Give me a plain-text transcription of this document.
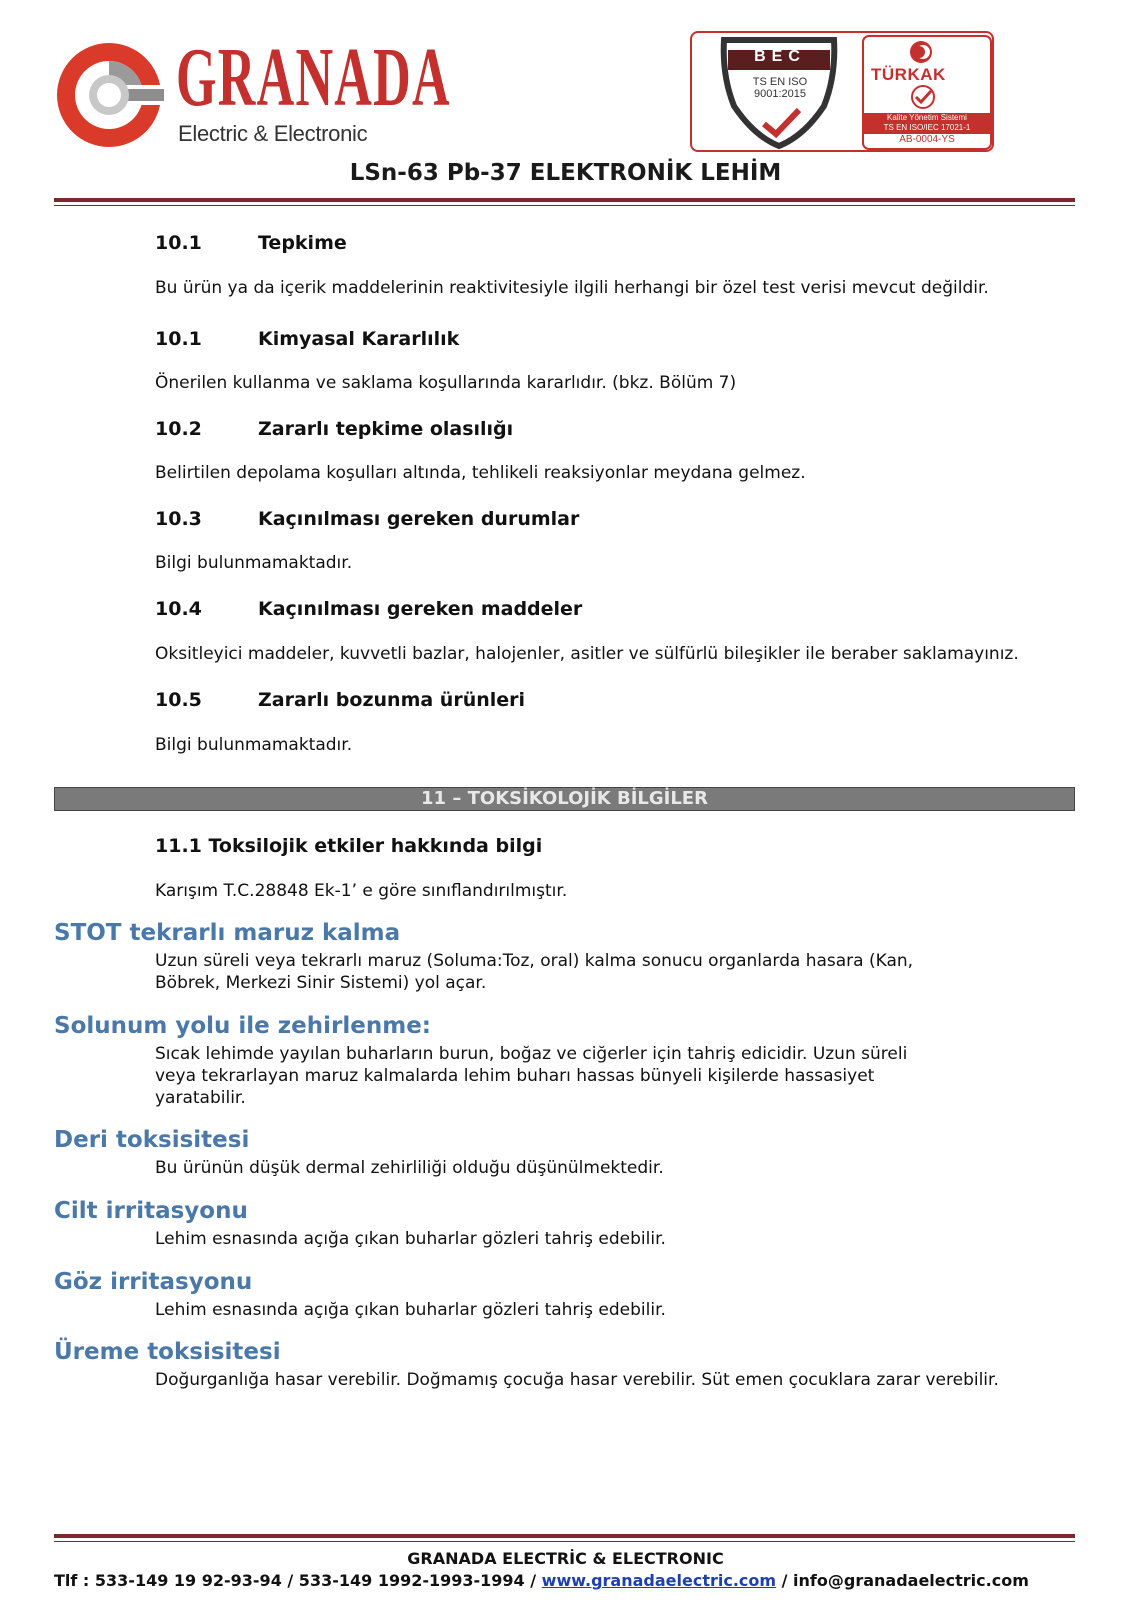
GRANADA
Electric & Electronic
BEC
TS EN ISO
9001:2015
TÜRKAK
Kalite Yönetim Sistemi
TS EN ISO/IEC 17021-1
AB-0004-YS
LSn-63 Pb-37 ELEKTRONİK LEHİM
10.1	Tepkime
Bu ürün ya da içerik maddelerinin reaktivitesiyle ilgili herhangi bir özel test verisi mevcut değildir.
10.1	Kimyasal Kararlılık
Önerilen kullanma ve saklama koşullarında kararlıdır. (bkz. Bölüm 7)
10.2	Zararlı tepkime olasılığı
Belirtilen depolama koşulları altında, tehlikeli reaksiyonlar meydana gelmez.
10.3	Kaçınılması gereken durumlar
Bilgi bulunmamaktadır.
10.4	Kaçınılması gereken maddeler
Oksitleyici maddeler, kuvvetli bazlar, halojenler, asitler ve sülfürlü bileşikler ile beraber saklamayınız.
10.5	Zararlı bozunma ürünleri
Bilgi bulunmamaktadır.
11 – TOKSİKOLOJİK BİLGİLER
11.1 Toksilojik etkiler hakkında bilgi
Karışım T.C.28848 Ek-1’ e göre sınıflandırılmıştır.
STOT tekrarlı maruz kalma
Uzun süreli veya tekrarlı maruz (Soluma:Toz, oral) kalma sonucu organlarda hasara (Kan,
Böbrek, Merkezi Sinir Sistemi) yol açar.
Solunum yolu ile zehirlenme:
Sıcak lehimde yayılan buharların burun, boğaz ve ciğerler için tahriş edicidir. Uzun süreli
veya tekrarlayan maruz kalmalarda lehim buharı hassas bünyeli kişilerde hassasiyet
yaratabilir.
Deri toksisitesi
Bu ürünün düşük dermal zehirliliği olduğu düşünülmektedir.
Cilt irritasyonu
Lehim esnasında açığa çıkan buharlar gözleri tahriş edebilir.
Göz irritasyonu
Lehim esnasında açığa çıkan buharlar gözleri tahriş edebilir.
Üreme toksisitesi
Doğurganlığa hasar verebilir. Doğmamış çocuğa hasar verebilir. Süt emen çocuklara zarar verebilir.
GRANADA ELECTRİC & ELECTRONIC
Tlf : 533-149 19 92-93-94 / 533-149 1992-1993-1994 / www.granadaelectric.com / info@granadaelectric.com
